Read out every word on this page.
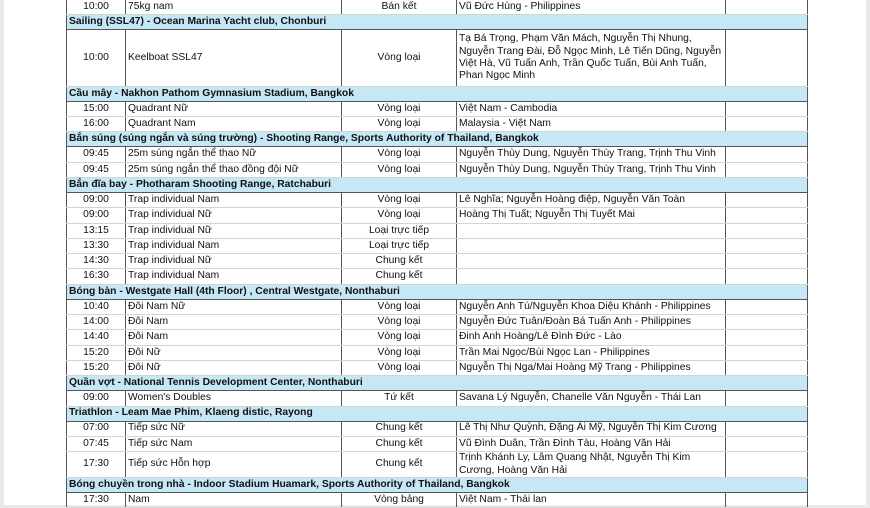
10:00	75kg nam	Bán kết	Vũ Đức Hùng - Philippines	
Sailing (SSL47) - Ocean Marina Yacht club, Chonburi				
10:00	Keelboat SSL47	Vòng loại	Tạ Bá Trọng, Phạm Văn Mách, Nguyễn Thị Nhung, Nguyễn Trang Đài, Đỗ Ngọc Minh, Lê Tiến Dũng, Nguyễn Việt Hà, Vũ Tuấn Anh, Trần Quốc Tuấn, Bùi Anh Tuấn, Phan Ngọc Minh	
Cầu mây - Nakhon Pathom Gymnasium Stadium, Bangkok				
15:00	Quadrant Nữ	Vòng loại	Việt Nam - Cambodia	
16:00	Quadrant Nam	Vòng loại	Malaysia - Việt Nam	
Bắn súng (súng ngắn và súng trường) - Shooting Range, Sports Authority of Thailand, Bangkok				
09:45	25m súng ngắn thể thao Nữ	Vòng loại	Nguyễn Thùy Dung, Nguyễn Thùy Trang, Trịnh Thu Vinh	
09:45	25m súng ngắn thể thao đồng đội Nữ	Vòng loại	Nguyễn Thùy Dung, Nguyễn Thùy Trang, Trịnh Thu Vinh	
Bắn đĩa bay - Photharam Shooting Range, Ratchaburi				
09:00	Trap individual Nam	Vòng loại	Lê Nghĩa; Nguyễn Hoàng điệp, Nguyễn Văn Toàn	
09:00	Trap individual Nữ	Vòng loại	Hoàng Thị Tuất; Nguyễn Thị Tuyết Mai	
13:15	Trap individual Nữ	Loại trực tiếp		
13:30	Trap individual Nam	Loại trực tiếp		
14:30	Trap individual Nữ	Chung kết		
16:30	Trap individual Nam	Chung kết		
Bóng bàn - Westgate Hall (4th Floor) , Central Westgate, Nonthaburi				
10:40	Đôi Nam Nữ	Vòng loại	Nguyễn Anh Tú/Nguyễn Khoa Diệu Khánh - Philippines	
14:00	Đôi Nam	Vòng loại	Nguyễn Đức Tuân/Đoàn Bá Tuấn Anh - Philippines	
14:40	Đôi Nam	Vòng loại	Đinh Anh Hoàng/Lê Đình Đức - Lào	
15:20	Đôi Nữ	Vòng loại	Trần Mai Ngọc/Bùi Ngọc Lan - Philippines	
15:20	Đôi Nữ	Vòng loại	Nguyễn Thị Nga/Mai Hoàng Mỹ Trang - Philippines	
Quần vợt - National Tennis Development Center, Nonthaburi				
09:00	Women's Doubles	Tứ kết	Savana Lý Nguyễn, Chanelle Văn Nguyễn - Thái Lan	
Triathlon - Leam Mae Phim, Klaeng distic, Rayong				
07:00	Tiếp sức Nữ	Chung kết	Lê Thị Như Quỳnh, Đặng Ái Mỹ, Nguyễn Thị Kim Cương	
07:45	Tiếp sức Nam	Chung kết	Vũ Đình Duân, Trần Đình Tàu, Hoàng Văn Hải	
17:30	Tiếp sức Hỗn hợp	Chung kết	Trịnh Khánh Ly, Lâm Quang Nhật, Nguyễn Thị Kim Cương, Hoàng Văn Hải	
Bóng chuyền trong nhà - Indoor Stadium Huamark, Sports Authority of Thailand, Bangkok				
17:30	Nam	Vòng bảng	Việt Nam - Thái lan	
